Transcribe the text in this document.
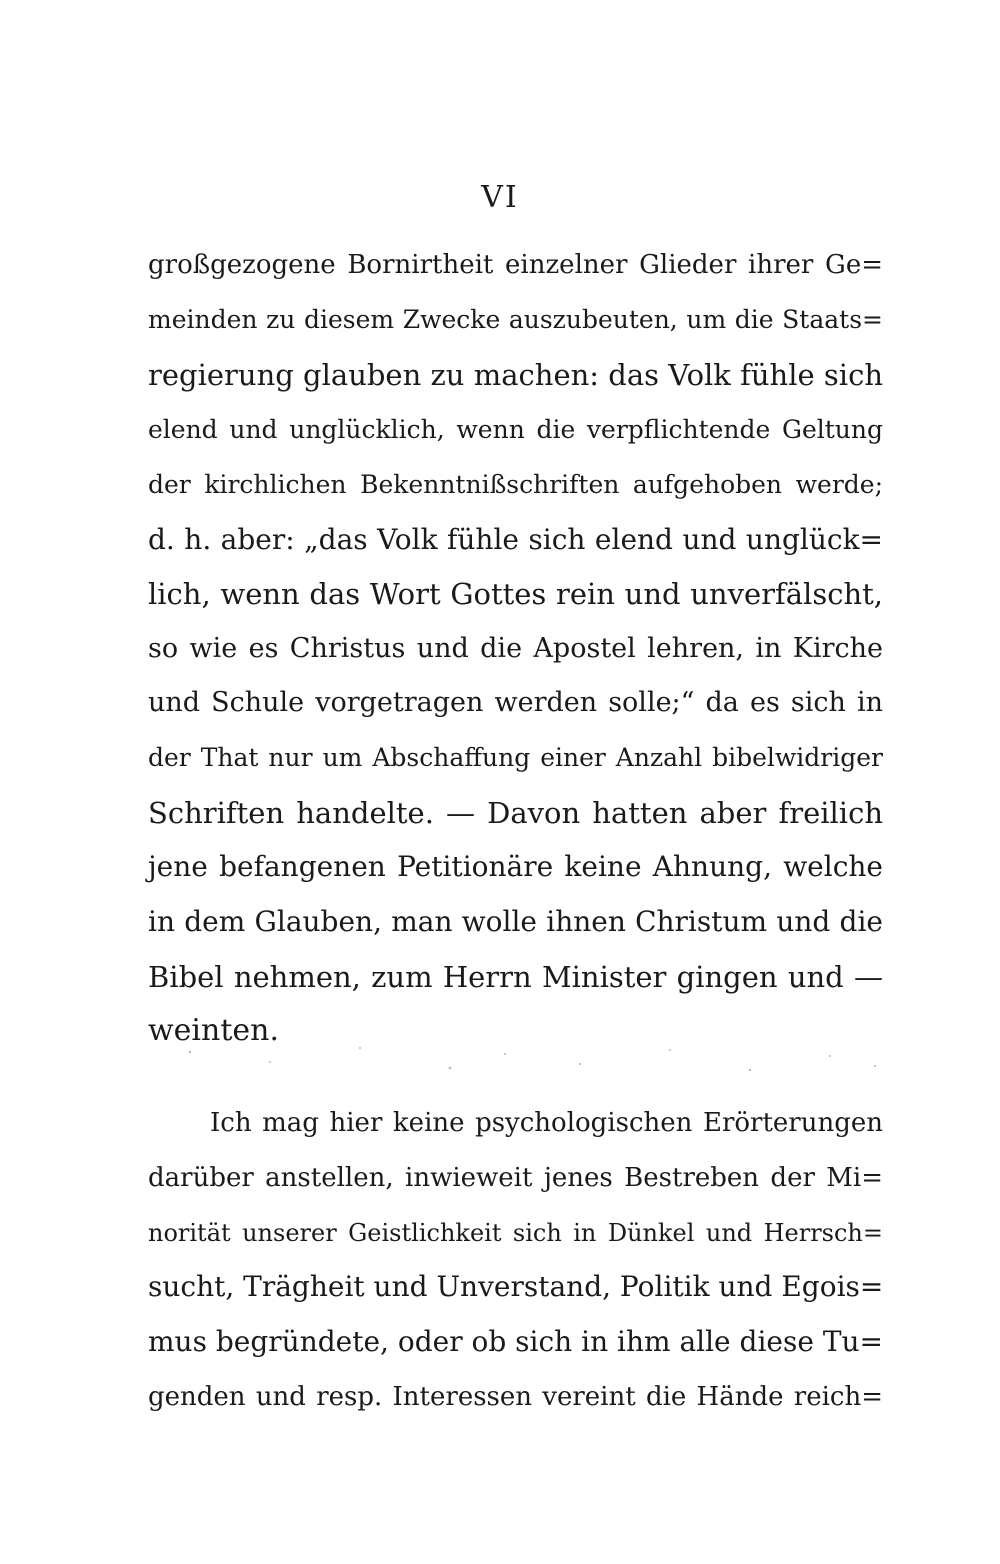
VI
großgezogene Bornirtheit einzelner Glieder ihrer Ge=
meinden zu diesem Zwecke auszubeuten, um die Staats=
regierung glauben zu machen: das Volk fühle sich
elend und unglücklich, wenn die verpflichtende Geltung
der kirchlichen Bekenntnißschriften aufgehoben werde;
d. h. aber: „das Volk fühle sich elend und unglück=
lich, wenn das Wort Gottes rein und unverfälscht,
so wie es Christus und die Apostel lehren, in Kirche
und Schule vorgetragen werden solle;“ da es sich in
der That nur um Abschaffung einer Anzahl bibelwidriger
Schriften handelte. — Davon hatten aber freilich
jene befangenen Petitionäre keine Ahnung, welche
in dem Glauben, man wolle ihnen Christum und die
Bibel nehmen, zum Herrn Minister gingen und —
weinten.
Ich mag hier keine psychologischen Erörterungen
darüber anstellen, inwieweit jenes Bestreben der Mi=
norität unserer Geistlichkeit sich in Dünkel und Herrsch=
sucht, Trägheit und Unverstand, Politik und Egois=
mus begründete, oder ob sich in ihm alle diese Tu=
genden und resp. Interessen vereint die Hände reich=
